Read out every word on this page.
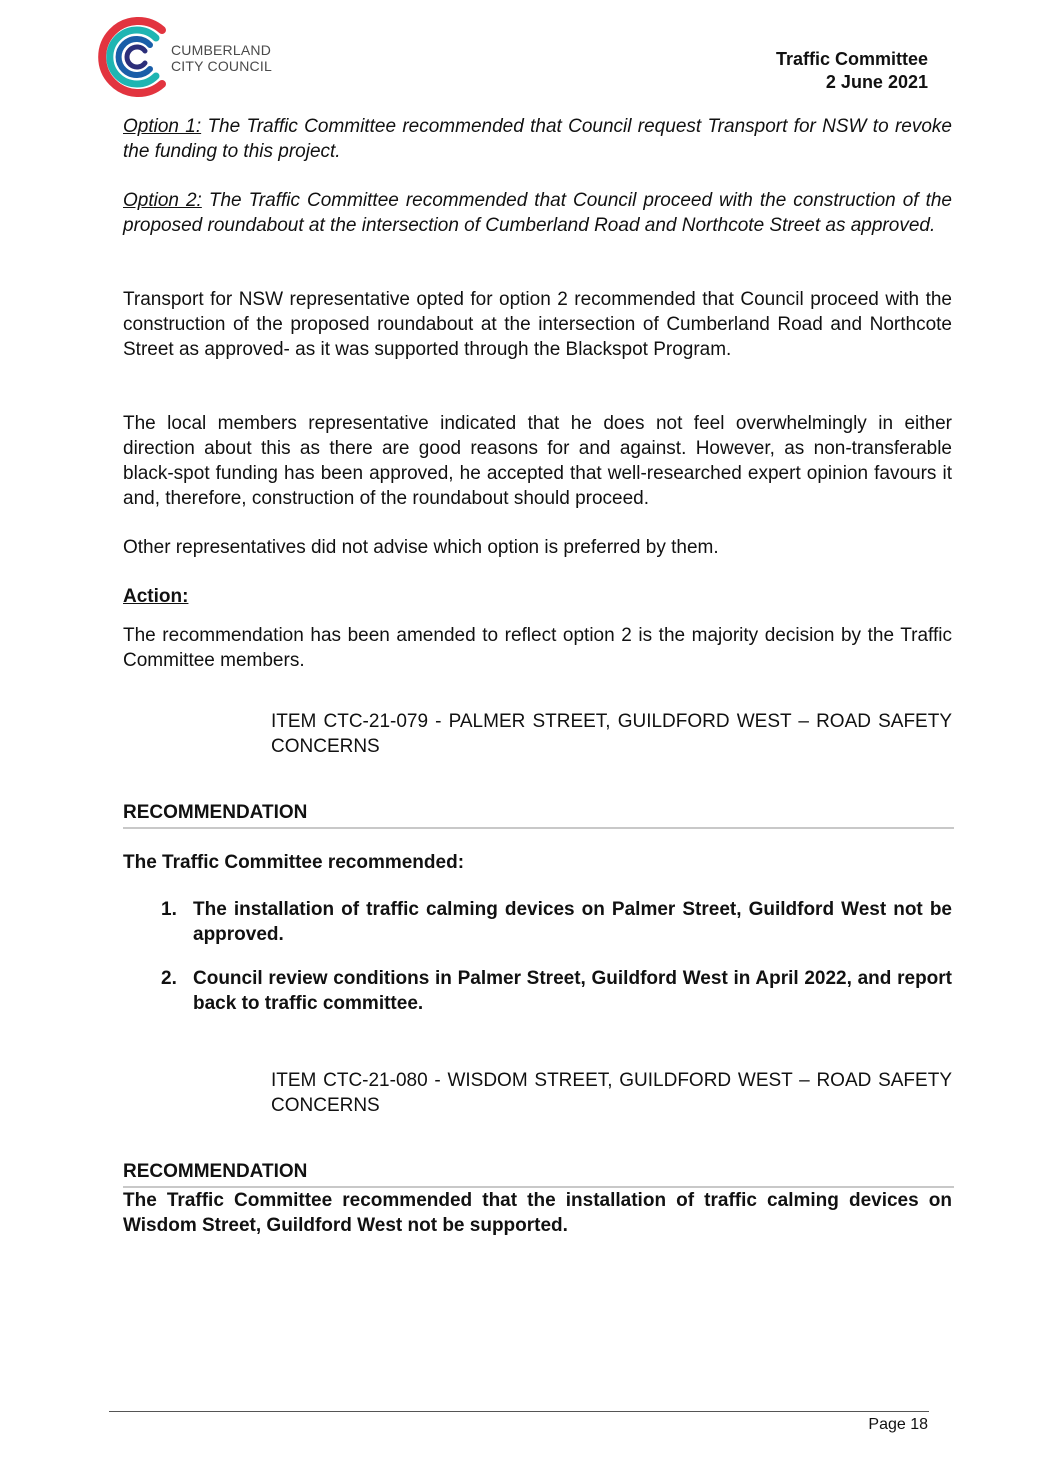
CUMBERLAND
CITY COUNCIL	Traffic Committee
2 June 2021

Option 1: The Traffic Committee recommended that Council request Transport for NSW to revoke the funding to this project.

Option 2: The Traffic Committee recommended that Council proceed with the construction of the proposed roundabout at the intersection of Cumberland Road and Northcote Street as approved.

Transport for NSW representative opted for option 2 recommended that Council proceed with the construction of the proposed roundabout at the intersection of Cumberland Road and Northcote Street as approved- as it was supported through the Blackspot Program.

The local members representative indicated that he does not feel overwhelmingly in either direction about this as there are good reasons for and against. However, as non-transferable black-spot funding has been approved, he accepted that well-researched expert opinion favours it and, therefore, construction of the roundabout should proceed.

Other representatives did not advise which option is preferred by them.

Action:

The recommendation has been amended to reflect option 2 is the majority decision by the Traffic Committee members.

ITEM CTC-21-079 - PALMER STREET, GUILDFORD WEST – ROAD SAFETY CONCERNS
RECOMMENDATION

The Traffic Committee recommended:

1. The installation of traffic calming devices on Palmer Street, Guildford West not be approved.
2. Council review conditions in Palmer Street, Guildford West in April 2022, and report back to traffic committee.
ITEM CTC-21-080 - WISDOM STREET, GUILDFORD WEST – ROAD SAFETY CONCERNS
RECOMMENDATION

The Traffic Committee recommended that the installation of traffic calming devices on Wisdom Street, Guildford West not be supported.

Page 18
